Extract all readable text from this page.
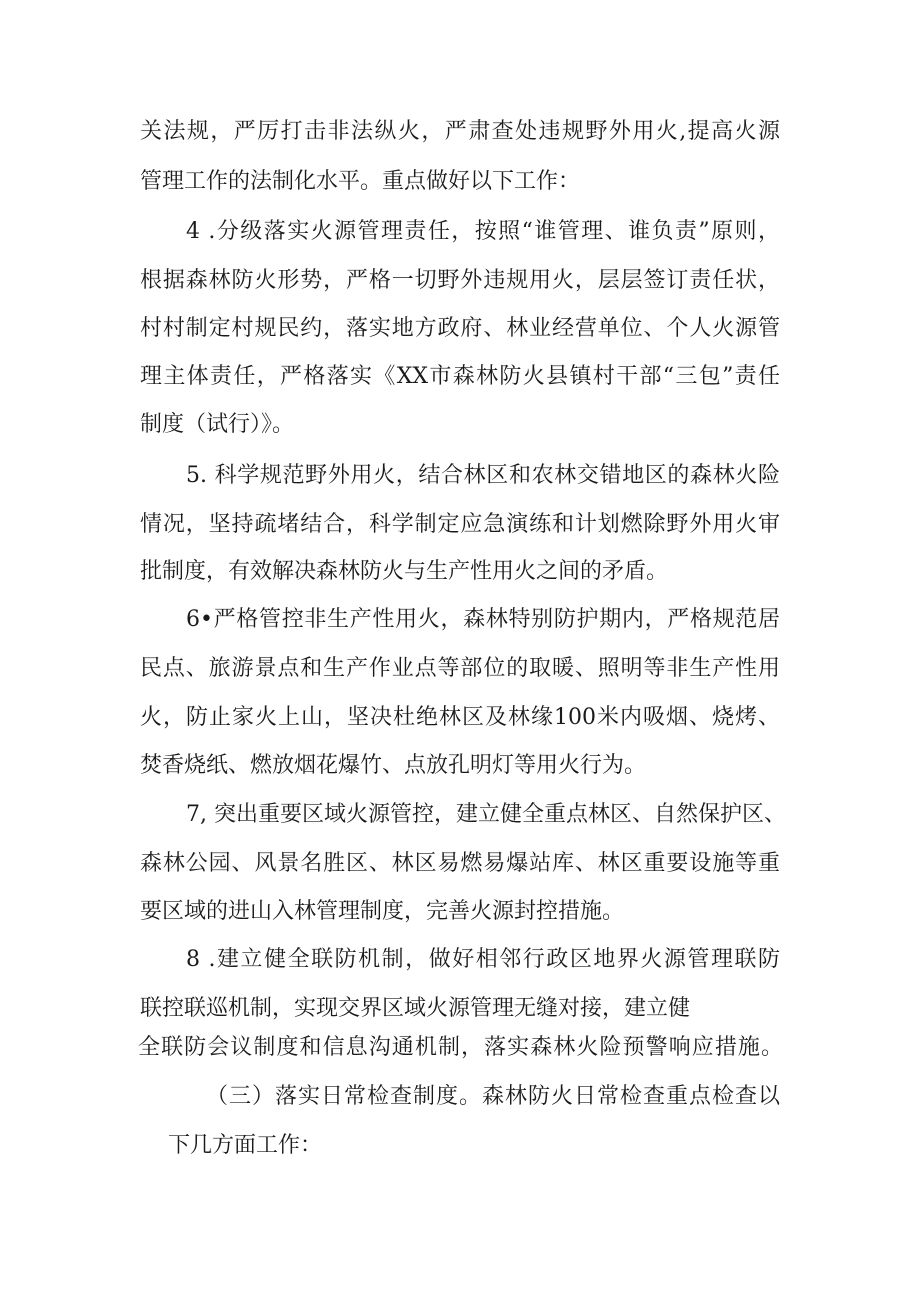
关法规，严厉打击非法纵火，严肃查处违规野外用火,提高火源
管理工作的法制化水平。重点做好以下工作：
4 .分级落实火源管理责任，按照“谁管理、谁负责”原则，
根据森林防火形势，严格一切野外违规用火，层层签订责任状，
村村制定村规民约，落实地方政府、林业经营单位、个人火源管
理主体责任，严格落实《XX市森林防火县镇村干部“三包”责任
制度（试行）》。
5. 科学规范野外用火，结合林区和农林交错地区的森林火险
情况，坚持疏堵结合，科学制定应急演练和计划燃除野外用火审
批制度，有效解决森林防火与生产性用火之间的矛盾。
6•严格管控非生产性用火，森林特别防护期内，严格规范居
民点、旅游景点和生产作业点等部位的取暖、照明等非生产性用
火，防止家火上山，坚决杜绝林区及林缘100米内吸烟、烧烤、
焚香烧纸、燃放烟花爆竹、点放孔明灯等用火行为。
7, 突出重要区域火源管控，建立健全重点林区、自然保护区、
森林公园、风景名胜区、林区易燃易爆站库、林区重要设施等重
要区域的进山入林管理制度，完善火源封控措施。
8 .建立健全联防机制，做好相邻行政区地界火源管理联防
联控联巡机制，实现交界区域火源管理无缝对接，建立健
全联防会议制度和信息沟通机制，落实森林火险预警响应措施。
（三）落实日常检查制度。森林防火日常检查重点检查以
下几方面工作：
